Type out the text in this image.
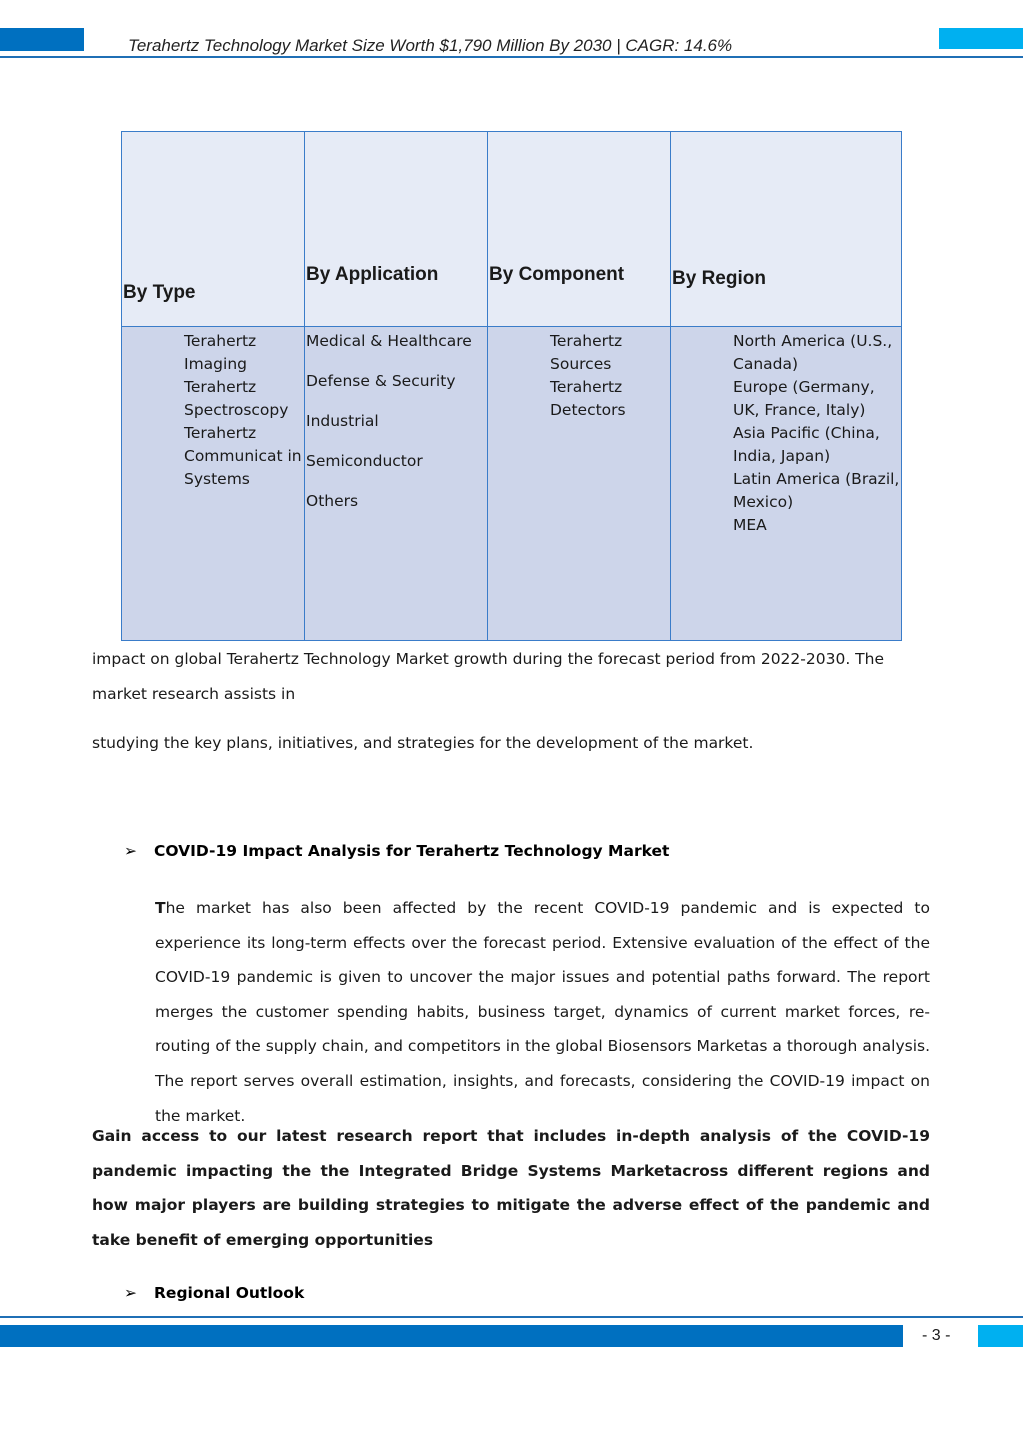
Terahertz Technology Market Size Worth $1,790 Million By 2030 | CAGR: 14.6%
By Type
Terahertz Imaging
Terahertz Spectroscopy
Terahertz Communicat in Systems
By Application
Medical & Healthcare
Defense & Security
Industrial
Semiconductor
Others
By Component
Terahertz Sources
Terahertz Detectors
By Region
North America (U.S., Canada)
Europe (Germany, UK, France, Italy)
Asia Pacific (China, India, Japan)
Latin America (Brazil, Mexico)
MEA
impact on global Terahertz Technology Market growth during the forecast period from 2022-2030. The market research assists in
studying the key plans, initiatives, and strategies for the development of the market.
➢ COVID-19 Impact Analysis for Terahertz Technology Market
The market has also been affected by the recent COVID-19 pandemic and is expected to experience its long-term effects over the forecast period. Extensive evaluation of the effect of the COVID-19 pandemic is given to uncover the major issues and potential paths forward. The report merges the customer spending habits, business target, dynamics of current market forces, re-routing of the supply chain, and competitors in the global Biosensors Marketas a thorough analysis. The report serves overall estimation, insights, and forecasts, considering the COVID-19 impact on the market.
Gain access to our latest research report that includes in-depth analysis of the COVID-19 pandemic impacting the the Integrated Bridge Systems Marketacross different regions and how major players are building strategies to mitigate the adverse effect of the pandemic and take benefit of emerging opportunities
➢ Regional Outlook
- 3 -
